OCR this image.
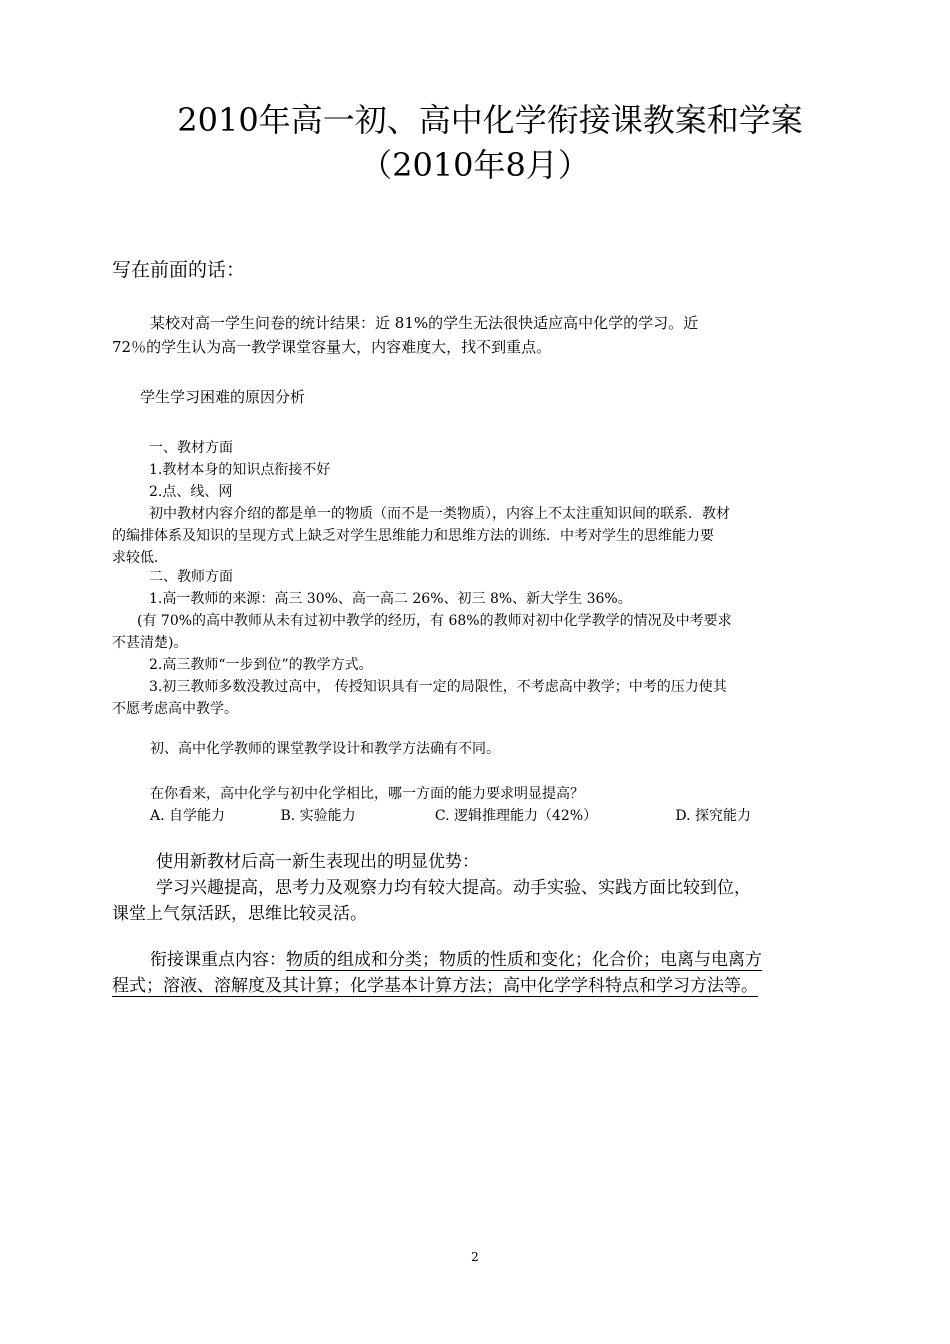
2010年高一初、高中化学衔接课教案和学案
（2010年8月）
写在前面的话：
某校对高一学生问卷的统计结果：近 81%的学生无法很快适应高中化学的学习。近
72％的学生认为高一教学课堂容量大，内容难度大，找不到重点。
学生学习困难的原因分析
一、教材方面
1.教材本身的知识点衔接不好
2.点、线、网
初中教材内容介绍的都是单一的物质（而不是一类物质），内容上不太注重知识间的联系．教材
的编排体系及知识的呈现方式上缺乏对学生思维能力和思维方法的训练．中考对学生的思维能力要
求较低．
二、教师方面
1.高一教师的来源：高三 30%、高一高二 26%、初三 8%、新大学生 36%。
(有 70%的高中教师从未有过初中教学的经历，有 68%的教师对初中化学教学的情况及中考要求
不甚清楚)。
2.高三教师“一步到位”的教学方式。
3.初三教师多数没教过高中， 传授知识具有一定的局限性，不考虑高中教学；中考的压力使其
不愿考虑高中教学。
初、高中化学教师的课堂教学设计和教学方法确有不同。
在你看来，高中化学与初中化学相比，哪一方面的能力要求明显提高？
A. 自学能力	B. 实验能力	C. 逻辑推理能力（42%）	D. 探究能力
使用新教材后高一新生表现出的明显优势：
学习兴趣提高，思考力及观察力均有较大提高。动手实验、实践方面比较到位，
课堂上气氛活跃，思维比较灵活。
衔接课重点内容：物质的组成和分类；物质的性质和变化；化合价；电离与电离方
程式；溶液、溶解度及其计算；化学基本计算方法；高中化学学科特点和学习方法等。
2
